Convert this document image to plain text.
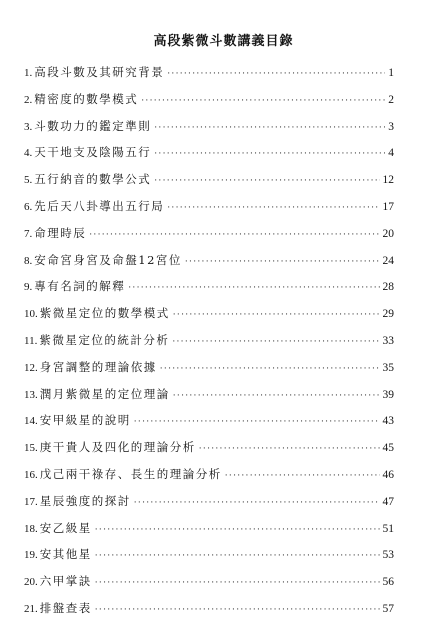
高段紫微斗數講義目錄
1. 高段斗數及其研究背景 ·····	1
2. 精密度的數學模式 ·····	2
3. 斗數功力的鑑定準則 ·····	3
4. 天干地支及陰陽五行 ·····	4
5. 五行納音的數學公式 ·····	12
6. 先后天八卦導出五行局 ·····	17
7. 命理時辰 ·····	20
8. 安命宮身宮及命盤12宮位 ·····	24
9. 專有名詞的解釋 ·····	28
10. 紫微星定位的數學模式 ·····	29
11. 紫微星定位的統計分析 ·····	33
12. 身宮調整的理論依據 ·····	35
13. 潤月紫微星的定位理論 ·····	39
14. 安甲級星的說明 ·····	43
15. 庚干貴人及四化的理論分析 ·····	45
16. 戊己兩干祿存、長生的理論分析 ·····	46
17. 星辰強度的探討 ·····	47
18. 安乙級星 ·····	51
19. 安其他星 ·····	53
20. 六甲掌訣 ·····	56
21. 排盤查表 ·····	57
